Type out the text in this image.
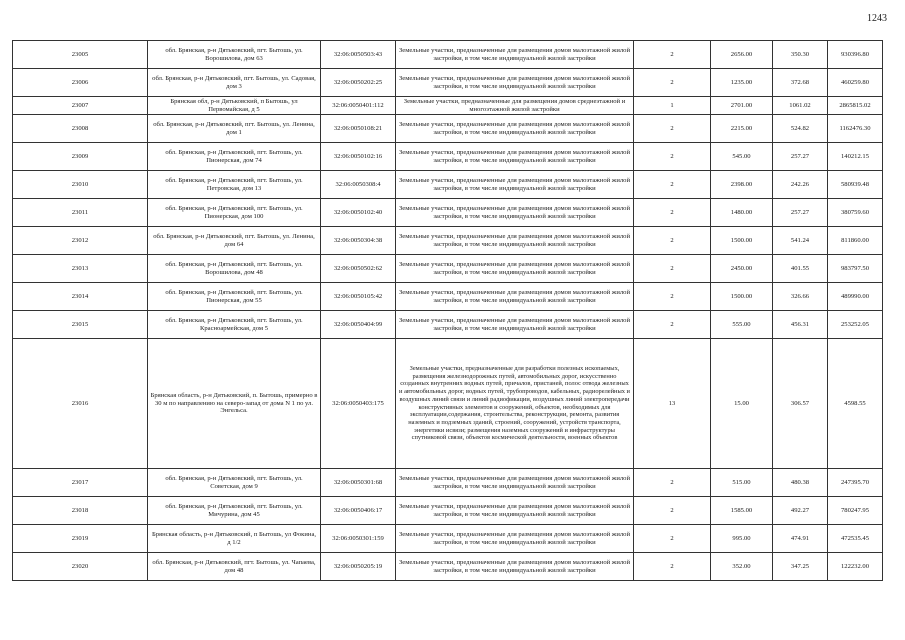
1243
23005	обл. Брянская, р-н Дятьковский, пгт. Бытошь, ул. Ворошилова, дом 63	32:06:0050503:43	Земельные участки, предназначенные для размещения домов малоэтажной жилой застройки, в том числе индивидуальной жилой застройки	2	2656.00	350.30	930396.80
23006	обл. Брянская, р-н Дятьковский, пгт. Бытошь, ул. Садовая, дом 3	32:06:0050202:25	Земельные участки, предназначенные для размещения домов малоэтажной жилой застройки, в том числе индивидуальной жилой застройки	2	1235.00	372.68	460259.80
23007	Брянская обл, р-н Дятьковский, п Бытошь, ул Первомайская, д 5	32:06:0050401:112	Земельные участки, предназначенные для размещения домов среднеэтажной и многоэтажной жилой застройки	1	2701.00	1061.02	2865815.02
23008	обл. Брянская, р-н Дятьковский, пгт. Бытошь, ул. Ленина, дом 1	32:06:0050108:21	Земельные участки, предназначенные для размещения домов малоэтажной жилой застройки, в том числе индивидуальной жилой застройки	2	2215.00	524.82	1162476.30
23009	обл. Брянская, р-н Дятьковский, пгт. Бытошь, ул. Пионерская, дом 74	32:06:0050102:16	Земельные участки, предназначенные для размещения домов малоэтажной жилой застройки, в том числе индивидуальной жилой застройки	2	545.00	257.27	140212.15
23010	обл. Брянская, р-н Дятьковский, пгт. Бытошь, ул. Петровская, дом 13	32:06:0050308:4	Земельные участки, предназначенные для размещения домов малоэтажной жилой застройки, в том числе индивидуальной жилой застройки	2	2398.00	242.26	580939.48
23011	обл. Брянская, р-н Дятьковский, пгт. Бытошь, ул. Пионерская, дом 100	32:06:0050102:40	Земельные участки, предназначенные для размещения домов малоэтажной жилой застройки, в том числе индивидуальной жилой застройки	2	1480.00	257.27	380759.60
23012	обл. Брянская, р-н Дятьковский, пгт. Бытошь, ул. Ленина, дом 64	32:06:0050304:38	Земельные участки, предназначенные для размещения домов малоэтажной жилой застройки, в том числе индивидуальной жилой застройки	2	1500.00	541.24	811860.00
23013	обл. Брянская, р-н Дятьковский, пгт. Бытошь, ул. Ворошилова, дом 48	32:06:0050502:62	Земельные участки, предназначенные для размещения домов малоэтажной жилой застройки, в том числе индивидуальной жилой застройки	2	2450.00	401.55	983797.50
23014	обл. Брянская, р-н Дятьковский, пгт. Бытошь, ул. Пионерская, дом 55	32:06:0050105:42	Земельные участки, предназначенные для размещения домов малоэтажной жилой застройки, в том числе индивидуальной жилой застройки	2	1500.00	326.66	489990.00
23015	обл. Брянская, р-н Дятьковский, пгт. Бытошь, ул. Красноармейская, дом 5	32:06:0050404:99	Земельные участки, предназначенные для размещения домов малоэтажной жилой застройки, в том числе индивидуальной жилой застройки	2	555.00	456.31	253252.05
23016	Брянская область, р-н Дятьковский, п. Бытошь, примерно в 30 м по направлению на северо-запад от дома N 1 по ул. Энгельса.	32:06:0050403:175	Земельные участки, предназначенные для разработки полезных ископаемых, размещения железнодорожных путей, автомобильных дорог, искусственно созданных внутренних водных путей, причалов, пристаней, полос отвода железных и автомобильных дорог, водных путей, трубопроводов, кабельных, радиорелейных и воздушных линий связи и линий радиофикации, воздушных линий электропередачи конструктивных элементов и сооружений, объектов, необходимых для эксплуатации,содержания, строительства, реконструкции, ремонта, развития наземных и подземных зданий, строений, сооружений, устройств транспорта, энергетики исвязи; размещения наземных сооружений и инфраструктуры спутниковой связи, объектов космической деятельности, военных объектов	13	15.00	306.57	4598.55
23017	обл. Брянская, р-н Дятьковский, пгт. Бытошь, ул. Советская, дом 9	32:06:0050301:68	Земельные участки, предназначенные для размещения домов малоэтажной жилой застройки, в том числе индивидуальной жилой застройки	2	515.00	480.38	247395.70
23018	обл. Брянская, р-н Дятьковский, пгт. Бытошь, ул. Мичурина, дом 45	32:06:0050406:17	Земельные участки, предназначенные для размещения домов малоэтажной жилой застройки, в том числе индивидуальной жилой застройки	2	1585.00	492.27	780247.95
23019	Брянская область, р-н Дятьковский, п Бытошь, ул Фокина, д 1/2	32:06:0050301:159	Земельные участки, предназначенные для размещения домов малоэтажной жилой застройки, в том числе индивидуальной жилой застройки	2	995.00	474.91	472535.45
23020	обл. Брянская, р-н Дятьковский, пгт. Бытошь, ул. Чапаева, дом 48	32:06:0050205:19	Земельные участки, предназначенные для размещения домов малоэтажной жилой застройки, в том числе индивидуальной жилой застройки	2	352.00	347.25	122232.00
